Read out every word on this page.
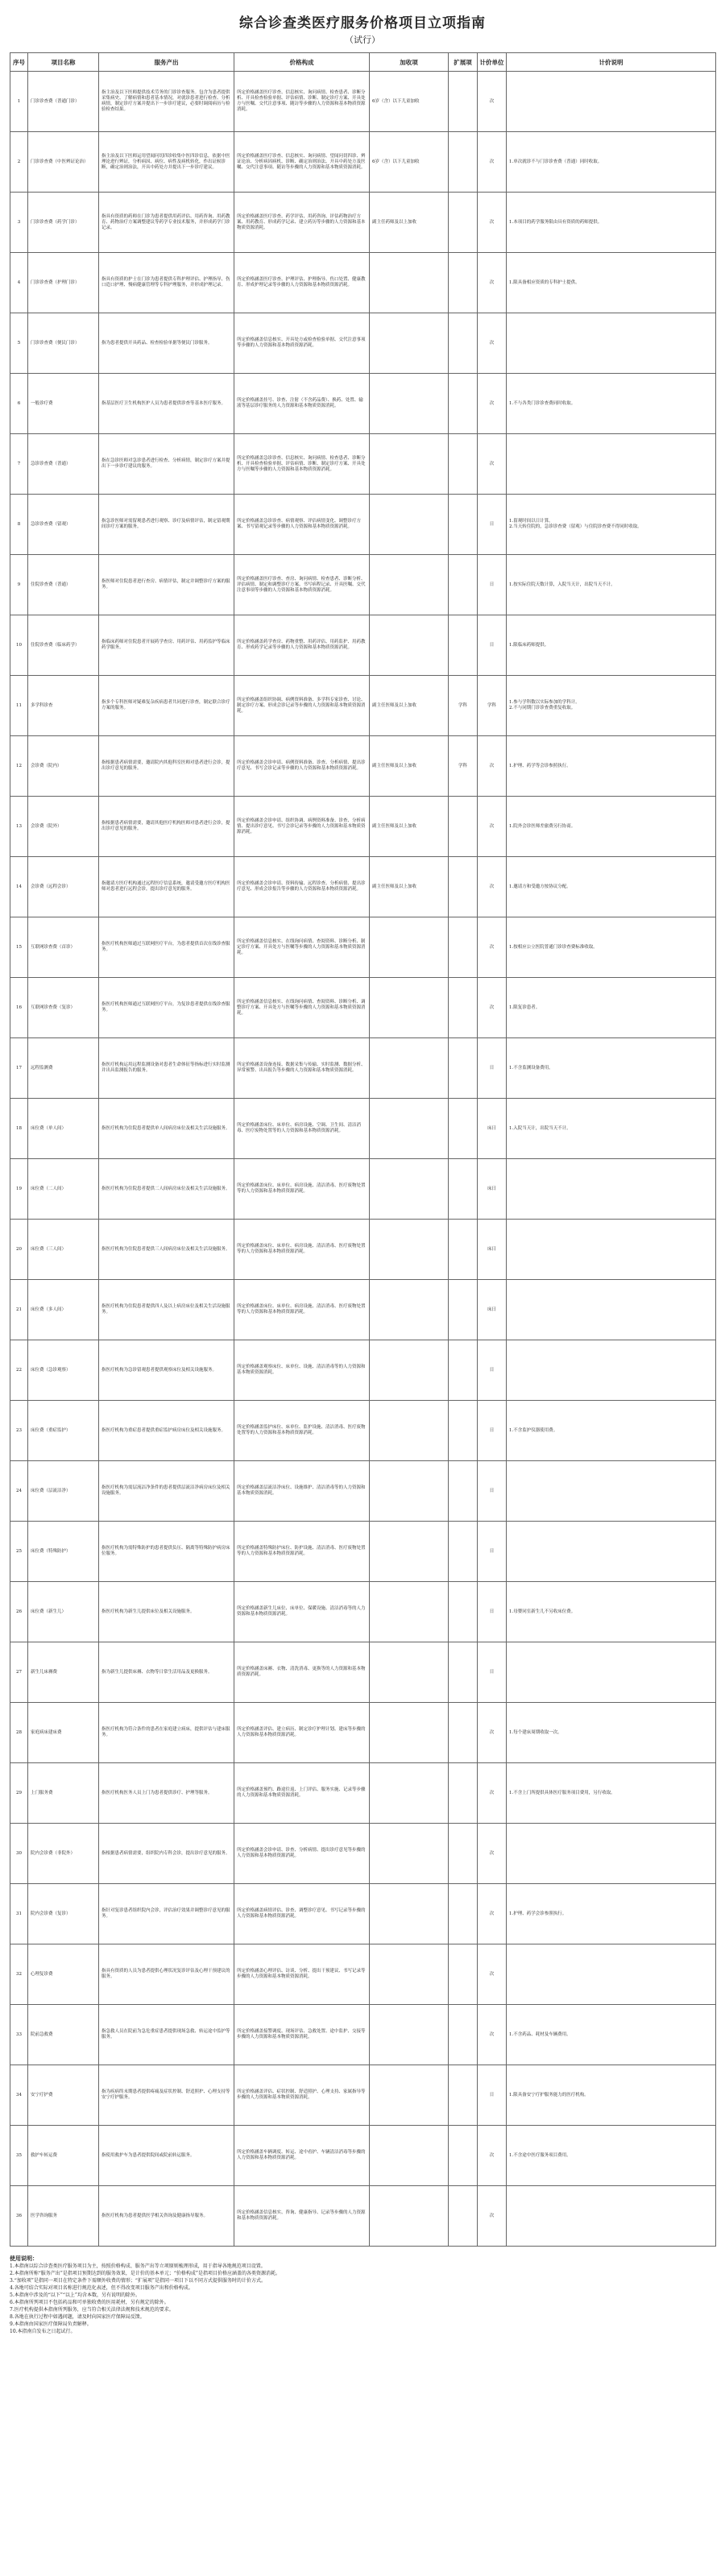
综合诊查类医疗服务价格项目立项指南
（试行）
序号	项目名称	服务产出	价格构成	加收项	扩展项	计价单位	计价说明
1	门诊诊查费（普通门诊）	指主治及以下医师提供技术劳务的门诊诊查服务。包含为患者提供采集病史、了解病情和患者基本情况，对就诊患者进行检查、分析病情，制定诊疗方案并提出下一步诊疗建议，必要时调阅病历与检验检查结果。	所定价格涵盖医疗诊查、信息核实、询问病情、检查患者、诊断分析、开具检查检验单据、评估病情、诊断、制定诊疗方案、开具处方与医嘱、交代注意事项、随访等步骤的人力资源和基本物质资源消耗。	6岁（含）以下儿童加收		次	
2	门诊诊查费（中医辨证论治）	指主治及以下医师运用望闻问切四诊收集中医四诊信息，依据中医理论进行辨证，分析病因、病位、病性及病机转化，作出证候诊断，确定治则治法，开具中药处方并提出下一步诊疗建议。	所定价格涵盖医疗诊查、信息核实、询问病情、望闻问切四诊、辨证论治、分析病因病机、诊断、确定治则治法、开具中药处方及医嘱、交代注意事项、随访等步骤的人力资源和基本物质资源消耗。	6岁（含）以下儿童加收		次	1.单次就诊不与门诊诊查费（普通）同时收取。
3	门诊诊查费（药学门诊）	指具有资质的药师在门诊为患者提供用药评估、用药咨询、用药教育、药物治疗方案调整建议等药学专业技术服务，并形成药学门诊记录。	所定价格涵盖医疗诊查、药学评估、用药咨询、评估药物治疗方案、用药教育、形成药学记录、建立药历等步骤的人力资源和基本物质资源消耗。	副主任药师及以上加收		次	1.本项目的药学服务限由具有资质的药师提供。
4	门诊诊查费（护理门诊）	指具有资质的护士在门诊为患者提供专科护理评估、护理指导、伤口造口护理、慢病健康管理等专科护理服务，并形成护理记录。	所定价格涵盖医疗诊查、护理评估、护理指导、伤口处置、健康教育、形成护理记录等步骤的人力资源和基本物质资源消耗。			次	1.限具备相应资质的专科护士提供。
5	门诊诊查费（便民门诊）	指为患者提供开具药品、检查检验单据等便民门诊服务。	所定价格涵盖信息核实、开具处方或检查检验单据、交代注意事项等步骤的人力资源和基本物质资源消耗。			次	
6	一般诊疗费	指基层医疗卫生机构医护人员为患者提供诊查等基本医疗服务。	所定价格涵盖挂号、诊查、注射（不含药品费）、换药、处置、输液等基层诊疗服务的人力资源和基本物质资源消耗。			次	1.不与各类门诊诊查费同时收取。
7	急诊诊查费（普通）	指在急诊医师对急诊患者进行检查、分析病情，制定诊疗方案并提出下一步诊疗建议的服务。	所定价格涵盖急诊诊查、信息核实、询问病情、检查患者、诊断分析、开具检查检验单据、评估病情、诊断、制定诊疗方案、开具处方与医嘱等步骤的人力资源和基本物质资源消耗。			次	
8	急诊诊查费（留观）	指急诊医师对需留观患者进行观察、诊疗及病情评估，制定留观期间诊疗方案的服务。	所定价格涵盖急诊诊查、病情观察、评估病情变化、调整诊疗方案、书写留观记录等步骤的人力资源和基本物质资源消耗。			日	1.留观时间以日计算。
2.当天转住院的，急诊诊查费（留观）与住院诊查费不得同时收取。
9	住院诊查费（普通）	指医师对住院患者进行查房、病情评估，制定并调整诊疗方案的服务。	所定价格涵盖医疗诊查、查房、询问病情、检查患者、诊断分析、评估病情、制定和调整诊疗方案、书写病程记录、开具医嘱、交代注意事项等步骤的人力资源和基本物质资源消耗。			日	1.按实际住院天数计算，入院当天计，出院当天不计。
10	住院诊查费（临床药学）	指临床药师对住院患者开展药学查房、用药评估、用药监护等临床药学服务。	所定价格涵盖药学查房、药物重整、用药评估、用药监护、用药教育、形成药学记录等步骤的人力资源和基本物质资源消耗。			日	1.限临床药师提供。
11	多学科诊查	指多个专科医师对疑难复杂疾病患者共同进行诊查，制定联合诊疗方案的服务。	所定价格涵盖组织协调、病例资料准备、多学科专家诊查、讨论、制定诊疗方案、形成会诊记录等步骤的人力资源和基本物质资源消耗。	副主任医师及以上加收	学科	学科	1.参与学科数以实际参加的学科计。
2.不与同期门诊诊查费重复收取。
12	会诊费（院内）	指根据患者病情需要，邀请院内其他科室医师对患者进行会诊，提出诊疗意见的服务。	所定价格涵盖会诊申请、病例资料准备、诊查、分析病情、提出诊疗意见、书写会诊记录等步骤的人力资源和基本物质资源消耗。	副主任医师及以上加收	学科	次	1.护理、药学等会诊参照执行。
13	会诊费（院外）	指根据患者病情需要，邀请其他医疗机构医师对患者进行会诊，提出诊疗意见的服务。	所定价格涵盖会诊申请、组织协调、病例资料准备、诊查、分析病情、提出诊疗意见、书写会诊记录等步骤的人力资源和基本物质资源消耗。	副主任医师及以上加收		次	1.院外会诊医师差旅费另行协商。
14	会诊费（远程会诊）	指邀请方医疗机构通过远程医疗信息系统，邀请受邀方医疗机构医师对患者进行远程会诊，提出诊疗意见的服务。	所定价格涵盖会诊申请、资料传输、远程诊查、分析病情、提出诊疗意见、形成会诊报告等步骤的人力资源和基本物质资源消耗。	副主任医师及以上加收		次	1.邀请方和受邀方按协议分配。
15	互联网诊查费（首诊）	指医疗机构医师通过互联网医疗平台，为患者提供首次在线诊查服务。	所定价格涵盖信息核实、在线询问病情、查阅资料、诊断分析、制定诊疗方案、开具处方与医嘱等步骤的人力资源和基本物质资源消耗。			次	1.按相应公立医院普通门诊诊查费标准收取。
16	互联网诊查费（复诊）	指医疗机构医师通过互联网医疗平台，为复诊患者提供在线诊查服务。	所定价格涵盖信息核实、在线询问病情、查阅资料、诊断分析、调整诊疗方案、开具处方与医嘱等步骤的人力资源和基本物质资源消耗。			次	1.限复诊患者。
17	远程监测费	指医疗机构运用远程监测设备对患者生命体征等指标进行实时监测并出具监测报告的服务。	所定价格涵盖设备连接、数据采集与传输、实时监测、数据分析、异常预警、出具报告等步骤的人力资源和基本物质资源消耗。			日	1.不含监测设备费用。
18	床位费（单人间）	指医疗机构为住院患者提供单人间病房床位及相关生活设施服务。	所定价格涵盖床位、床单位、病房设施、空调、卫生间、清洁消毒、医疗废物处置等的人力资源和基本物质资源消耗。			床日	1.入院当天计，出院当天不计。
19	床位费（二人间）	指医疗机构为住院患者提供二人间病房床位及相关生活设施服务。	所定价格涵盖床位、床单位、病房设施、清洁消毒、医疗废物处置等的人力资源和基本物质资源消耗。			床日	
20	床位费（三人间）	指医疗机构为住院患者提供三人间病房床位及相关生活设施服务。	所定价格涵盖床位、床单位、病房设施、清洁消毒、医疗废物处置等的人力资源和基本物质资源消耗。			床日	
21	床位费（多人间）	指医疗机构为住院患者提供四人及以上病房床位及相关生活设施服务。	所定价格涵盖床位、床单位、病房设施、清洁消毒、医疗废物处置等的人力资源和基本物质资源消耗。			床日	
22	床位费（急诊观察）	指医疗机构为急诊留观患者提供观察床位及相关设施服务。	所定价格涵盖观察床位、床单位、设施、清洁消毒等的人力资源和基本物质资源消耗。			日	
23	床位费（重症监护）	指医疗机构为重症患者提供重症监护病房床位及相关设施服务。	所定价格涵盖监护床位、床单位、监护设施、清洁消毒、医疗废物处置等的人力资源和基本物质资源消耗。			日	1.不含监护仪器使用费。
24	床位费（层流洁净）	指医疗机构为需层流洁净条件的患者提供层流洁净病房床位及相关设施服务。	所定价格涵盖层流洁净床位、设施维护、清洁消毒等的人力资源和基本物质资源消耗。			日	
25	床位费（特殊防护）	指医疗机构为需特殊防护的患者提供负压、隔离等特殊防护病房床位服务。	所定价格涵盖特殊防护床位、防护设施、清洁消毒、医疗废物处置等的人力资源和基本物质资源消耗。			日	
26	床位费（新生儿）	指医疗机构为新生儿提供床位及相关设施服务。	所定价格涵盖新生儿床位、床单位、保暖设施、清洁消毒等的人力资源和基本物质资源消耗。			日	1.母婴同室新生儿不另收床位费。
27	新生儿床褥费	指为新生儿提供床褥、衣物等日常生活用品及更换服务。	所定价格涵盖床褥、衣物、清洗消毒、更换等的人力资源和基本物质资源消耗。			日	
28	家庭病床建床费	指医疗机构为符合条件的患者在家庭建立病床，提供评估与建床服务。	所定价格涵盖评估、建立病历、制定诊疗护理计划、建床等步骤的人力资源和基本物质资源消耗。			次	1.每个建床周期收取一次。
29	上门服务费	指医疗机构医务人员上门为患者提供诊疗、护理等服务。	所定价格涵盖预约、路途往返、上门评估、服务实施、记录等步骤的人力资源和基本物质资源消耗。			次	1.不含上门所提供具体医疗服务项目费用，另行收取。
30	院内会诊费（非院外）	指根据患者病情需要，组织院内专科会诊，提出诊疗意见的服务。	所定价格涵盖会诊申请、诊查、分析病情、提出诊疗意见等步骤的人力资源和基本物质资源消耗。			次	
31	院内会诊费（复诊）	指针对复诊患者组织院内会诊，评估治疗效果并调整诊疗意见的服务。	所定价格涵盖病情评估、诊查、调整诊疗意见、书写记录等步骤的人力资源和基本物质资源消耗。			次	1.护理、药学会诊参照执行。
32	心理复诊费	指具有资质的人员为患者提供心理状况复诊评估及心理干预建议的服务。	所定价格涵盖心理评估、访谈、分析、提出干预建议、书写记录等步骤的人力资源和基本物质资源消耗。			次	
33	院前急救费	指急救人员在院前为急危重症患者提供现场急救、转运途中监护等服务。	所定价格涵盖接警调度、现场评估、急救处置、途中监护、交接等步骤的人力资源和基本物质资源消耗。			次	1.不含药品、耗材及车辆费用。
34	安宁疗护费	指为疾病终末期患者提供疼痛及症状控制、舒适照护、心理支持等安宁疗护服务。	所定价格涵盖评估、症状控制、舒适照护、心理支持、家属指导等步骤的人力资源和基本物质资源消耗。			日	1.限具备安宁疗护服务能力的医疗机构。
35	救护车转运费	指使用救护车为患者提供院间或院前转运服务。	所定价格涵盖车辆调度、转运、途中看护、车辆清洁消毒等步骤的人力资源和基本物质资源消耗。			次	1.不含途中医疗服务项目费用。
36	医学咨询服务	指医疗机构为患者提供医学相关咨询及健康指导服务。	所定价格涵盖信息核实、咨询、健康指导、记录等步骤的人力资源和基本物质资源消耗。			次	

使用说明：

1.本指南以综合诊查类医疗服务项目为主，按照价格构成、服务产出等立项原则梳理形成，用于指导各地规范项目设置。

2.本指南所称“服务产出”是指项目预期达到的服务效果，是计价的基本单元；“价格构成”是指项目价格应涵盖的各类资源消耗。

3.“加收项”是指同一项目在特定条件下需额外收费的情形；“扩展项”是指同一项目下以不同方式提供服务时的计价方式。

4.各地可结合实际对项目名称进行规范化表述，但不得改变项目服务产出和价格构成。

5.本指南中涉及的“以下”“以上”均含本数，另有说明的除外。

6.本指南所列项目不包括药品和可单独收费的医用耗材，另有规定的除外。

7.医疗机构提供本指南所列服务，应当符合相关法律法规和技术规范的要求。

8.各地在执行过程中如遇问题，请及时向国家医疗保障局反馈。

9.本指南由国家医疗保障局负责解释。

10.本指南自发布之日起试行。
